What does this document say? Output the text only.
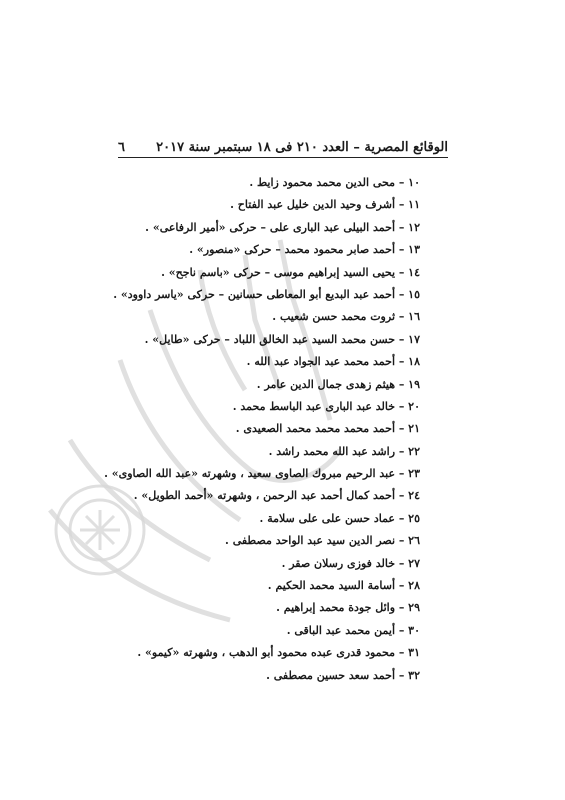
الوقائع المصرية – العدد ٢١٠ فى ١٨ سبتمبر سنة ٢٠١٧
٦
١٠ – محى الدين محمد محمود زايط .
١١ – أشرف وحيد الدين خليل عبد الفتاح .
١٢ – أحمد البيلى عبد البارى على – حركى «أمير الرفاعى» .
١٣ – أحمد صابر محمود محمد – حركى «منصور» .
١٤ – يحيى السيد إبراهيم موسى – حركى «باسم ناجح» .
١٥ – أحمد عبد البديع أبو المعاطى حسانين – حركى «ياسر داوود» .
١٦ – ثروت محمد حسن شعيب .
١٧ – حسن محمد السيد عبد الخالق اللباد – حركى «طايل» .
١٨ – أحمد محمد عبد الجواد عبد الله .
١٩ – هيثم زهدى جمال الدين عامر .
٢٠ – خالد عبد البارى عبد الباسط محمد .
٢١ – أحمد محمد محمد محمد الصعيدى .
٢٢ – راشد عبد الله محمد راشد .
٢٣ – عبد الرحيم مبروك الصاوى سعيد ، وشهرته «عبد الله الصاوى» .
٢٤ – أحمد كمال أحمد عبد الرحمن ، وشهرته «أحمد الطويل» .
٢٥ – عماد حسن على على سلامة .
٢٦ – نصر الدين سيد عبد الواحد مصطفى .
٢٧ – خالد فوزى رسلان صقر .
٢٨ – أسامة السيد محمد الحكيم .
٢٩ – وائل جودة محمد إبراهيم .
٣٠ – أيمن محمد عبد الباقى .
٣١ – محمود قدرى عبده محمود أبو الدهب ، وشهرته «كيمو» .
٣٢ – أحمد سعد حسين مصطفى .
